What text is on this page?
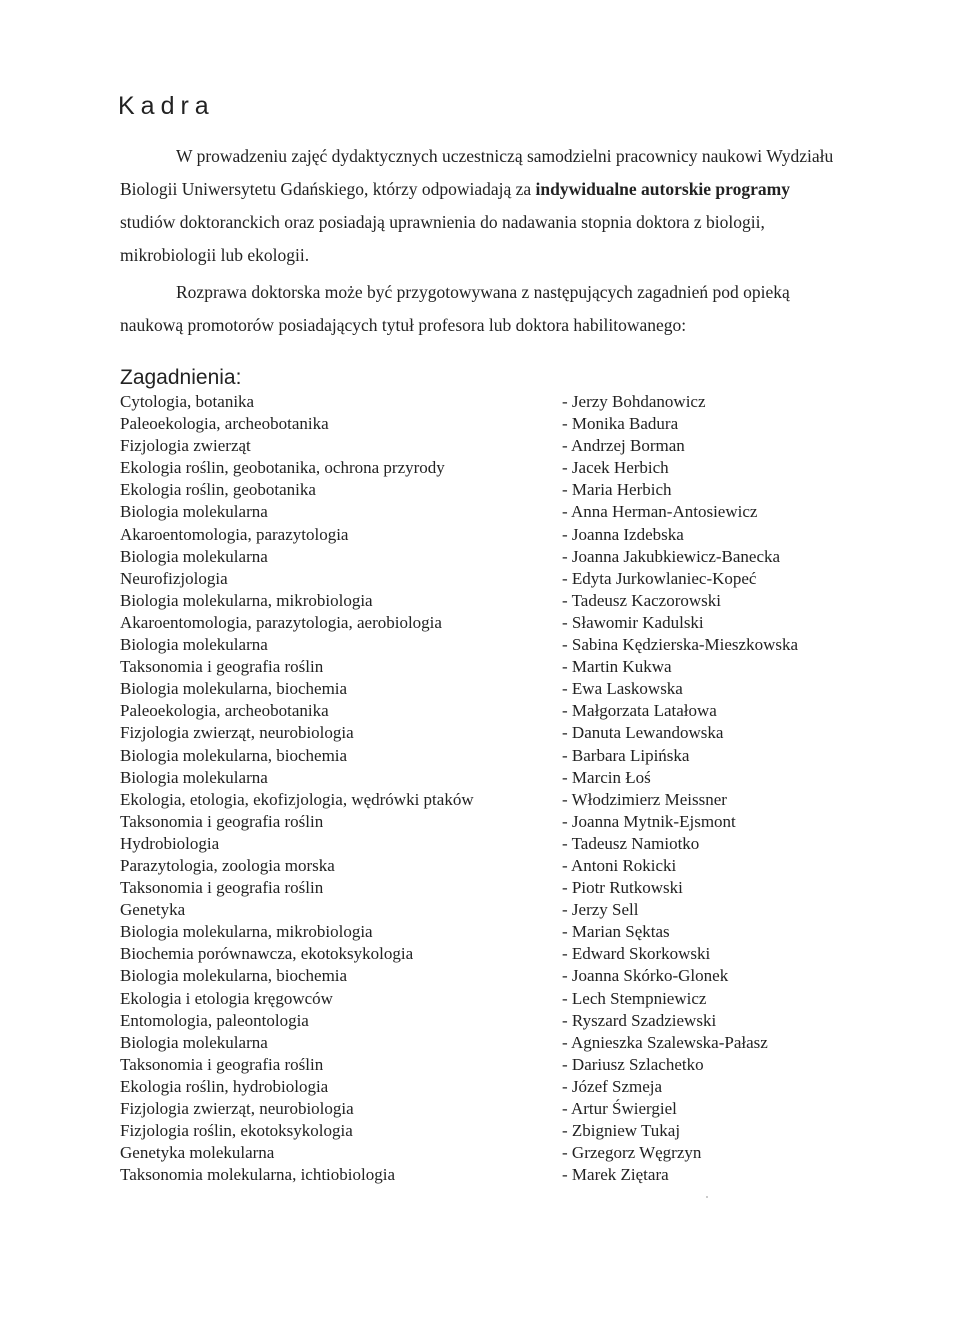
Kadra

W prowadzeniu zajęć dydaktycznych uczestniczą samodzielni pracownicy naukowi Wydziału Biologii Uniwersytetu Gdańskiego, którzy odpowiadają za indywidualne autorskie programy studiów doktoranckich oraz posiadają uprawnienia do nadawania stopnia doktora z biologii, mikrobiologii lub ekologii.

Rozprawa doktorska może być przygotowywana z następujących zagadnień pod opieką naukową promotorów posiadających tytuł profesora lub doktora habilitowanego:

Zagadnienia:
Cytologia, botanika
Paleoekologia, archeobotanika
Fizjologia zwierząt
Ekologia roślin, geobotanika, ochrona przyrody
Ekologia roślin, geobotanika
Biologia molekularna
Akaroentomologia, parazytologia
Biologia molekularna
Neurofizjologia
Biologia molekularna, mikrobiologia
Akaroentomologia, parazytologia, aerobiologia
Biologia molekularna
Taksonomia i geografia roślin
Biologia molekularna, biochemia
Paleoekologia, archeobotanika
Fizjologia zwierząt, neurobiologia
Biologia molekularna, biochemia
Biologia molekularna
Ekologia, etologia, ekofizjologia, wędrówki ptaków
Taksonomia i geografia roślin
Hydrobiologia
Parazytologia, zoologia morska
Taksonomia i geografia roślin
Genetyka
Biologia molekularna, mikrobiologia
Biochemia porównawcza, ekotoksykologia
Biologia molekularna, biochemia
Ekologia i etologia kręgowców
Entomologia, paleontologia
Biologia molekularna
Taksonomia i geografia roślin
Ekologia roślin, hydrobiologia
Fizjologia zwierząt, neurobiologia
Fizjologia roślin, ekotoksykologia
Genetyka molekularna
Taksonomia molekularna, ichtiobiologia
- Jerzy Bohdanowicz
- Monika Badura
- Andrzej Borman
- Jacek Herbich
- Maria Herbich
- Anna Herman-Antosiewicz
- Joanna Izdebska
- Joanna Jakubkiewicz-Banecka
- Edyta Jurkowlaniec-Kopeć
- Tadeusz Kaczorowski
- Sławomir Kadulski
- Sabina Kędzierska-Mieszkowska
- Martin Kukwa
- Ewa Laskowska
- Małgorzata Latałowa
- Danuta Lewandowska
- Barbara Lipińska
- Marcin Łoś
- Włodzimierz Meissner
- Joanna Mytnik-Ejsmont
- Tadeusz Namiotko
- Antoni Rokicki
- Piotr Rutkowski
- Jerzy Sell
- Marian Sęktas
- Edward Skorkowski
- Joanna Skórko-Glonek
- Lech Stempniewicz
- Ryszard Szadziewski
- Agnieszka Szalewska-Pałasz
- Dariusz Szlachetko
- Józef Szmeja
- Artur Świergiel
- Zbigniew Tukaj
- Grzegorz Węgrzyn
- Marek Ziętara
